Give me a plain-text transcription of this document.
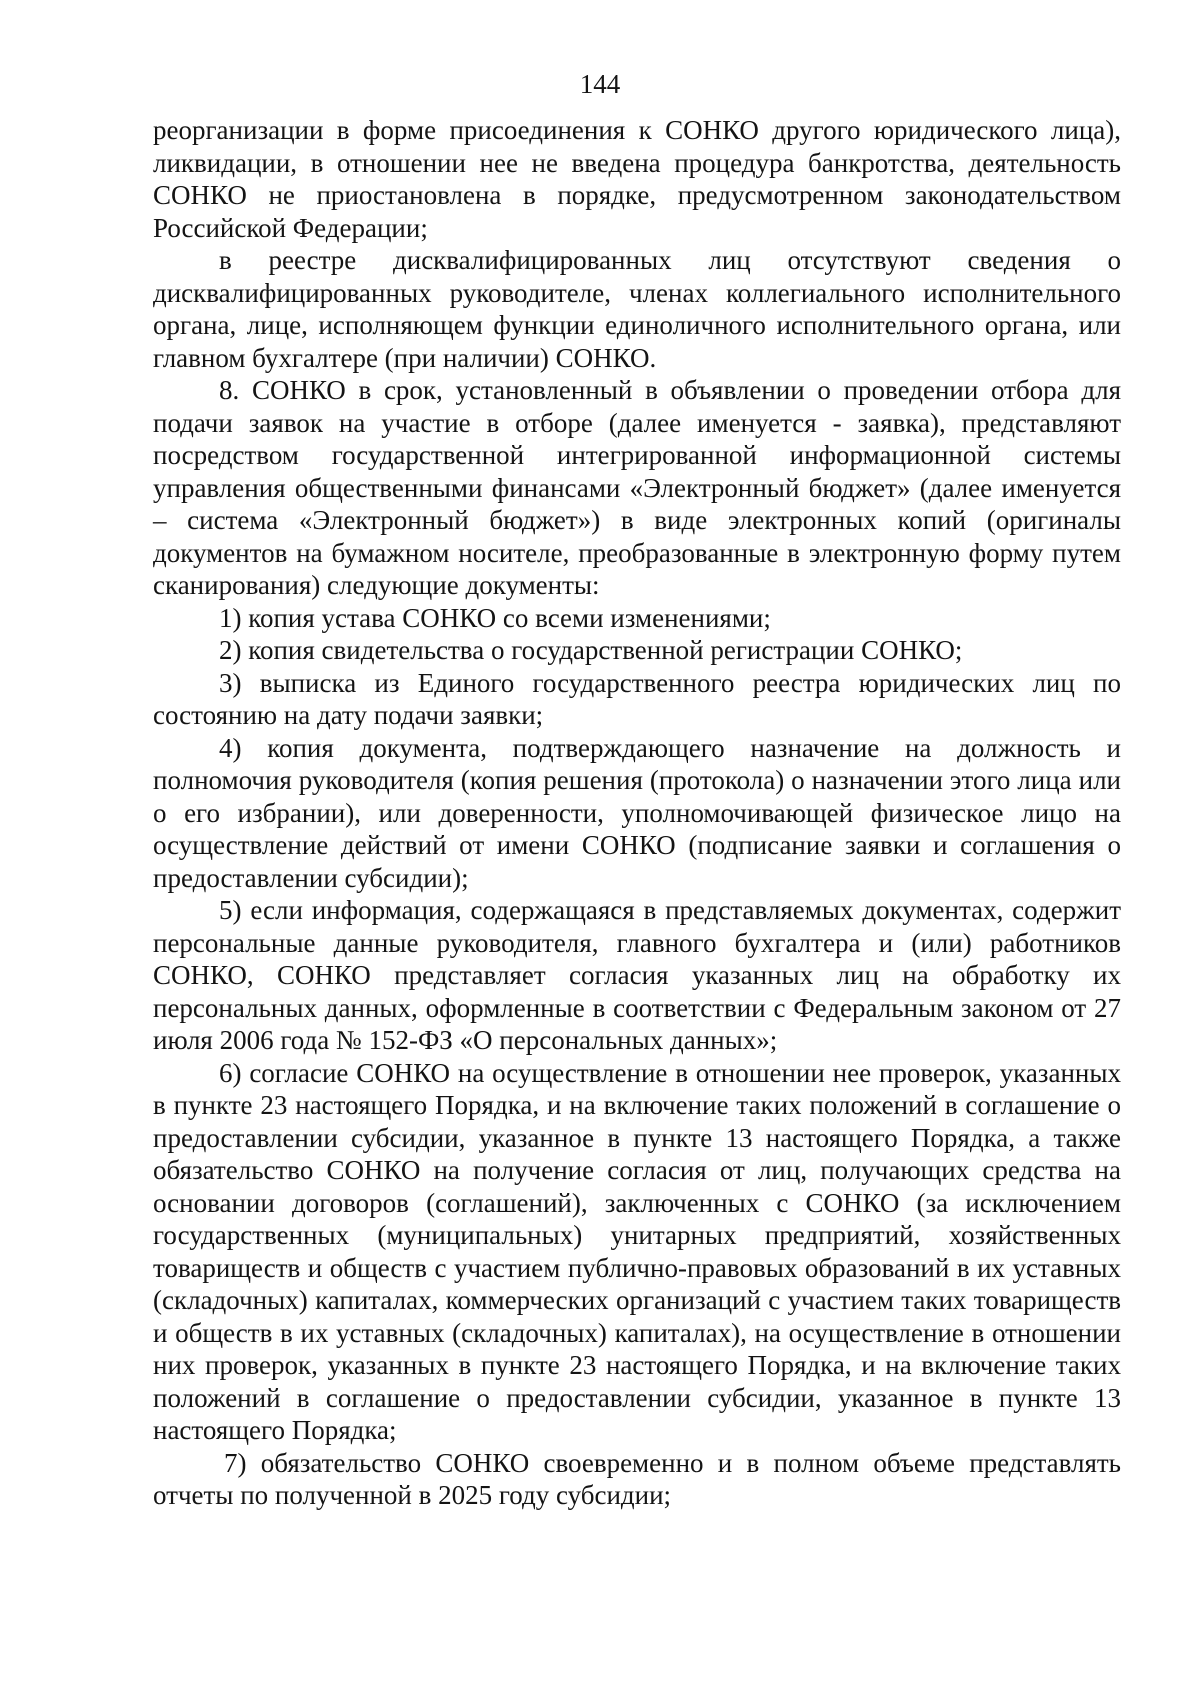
144

реорганизации в форме присоединения к СОНКО другого юридического лица), ликвидации, в отношении нее не введена процедура банкротства, деятельность СОНКО не приостановлена в порядке, предусмотренном законодательством Российской Федерации;

в реестре дисквалифицированных лиц отсутствуют сведения о дисквалифицированных руководителе, членах коллегиального исполнительного органа, лице, исполняющем функции единоличного исполнительного органа, или главном бухгалтере (при наличии) СОНКО.

8. СОНКО в срок, установленный в объявлении о проведении отбора для подачи заявок на участие в отборе (далее именуется - заявка), представляют посредством государственной интегрированной информационной системы управления общественными финансами «Электронный бюджет» (далее именуется – система «Электронный бюджет») в виде электронных копий (оригиналы документов на бумажном носителе, преобразованные в электронную форму путем сканирования) следующие документы:

1) копия устава СОНКО со всеми изменениями;

2) копия свидетельства о государственной регистрации СОНКО;

3) выписка из Единого государственного реестра юридических лиц по состоянию на дату подачи заявки;

4) копия документа, подтверждающего назначение на должность и полномочия руководителя (копия решения (протокола) о назначении этого лица или о его избрании), или доверенности, уполномочивающей физическое лицо на осуществление действий от имени СОНКО (подписание заявки и соглашения о предоставлении субсидии);

5) если информация, содержащаяся в представляемых документах, содержит персональные данные руководителя, главного бухгалтера и (или) работников СОНКО, СОНКО представляет согласия указанных лиц на обработку их персональных данных, оформленные в соответствии с Федеральным законом от 27 июля 2006 года № 152-ФЗ «О персональных данных»;

6) согласие СОНКО на осуществление в отношении нее проверок, указанных в пункте 23 настоящего Порядка, и на включение таких положений в соглашение о предоставлении субсидии, указанное в пункте 13 настоящего Порядка, а также обязательство СОНКО на получение согласия от лиц, получающих средства на основании договоров (соглашений), заключенных с СОНКО (за исключением государственных (муниципальных) унитарных предприятий, хозяйственных товариществ и обществ с участием публично-правовых образований в их уставных (складочных) капиталах, коммерческих организаций с участием таких товариществ и обществ в их уставных (складочных) капиталах), на осуществление в отношении них проверок, указанных в пункте 23 настоящего Порядка, и на включение таких положений в соглашение о предоставлении субсидии, указанное в пункте 13 настоящего Порядка;

7) обязательство СОНКО своевременно и в полном объеме представлять отчеты по полученной в 2025 году субсидии;
